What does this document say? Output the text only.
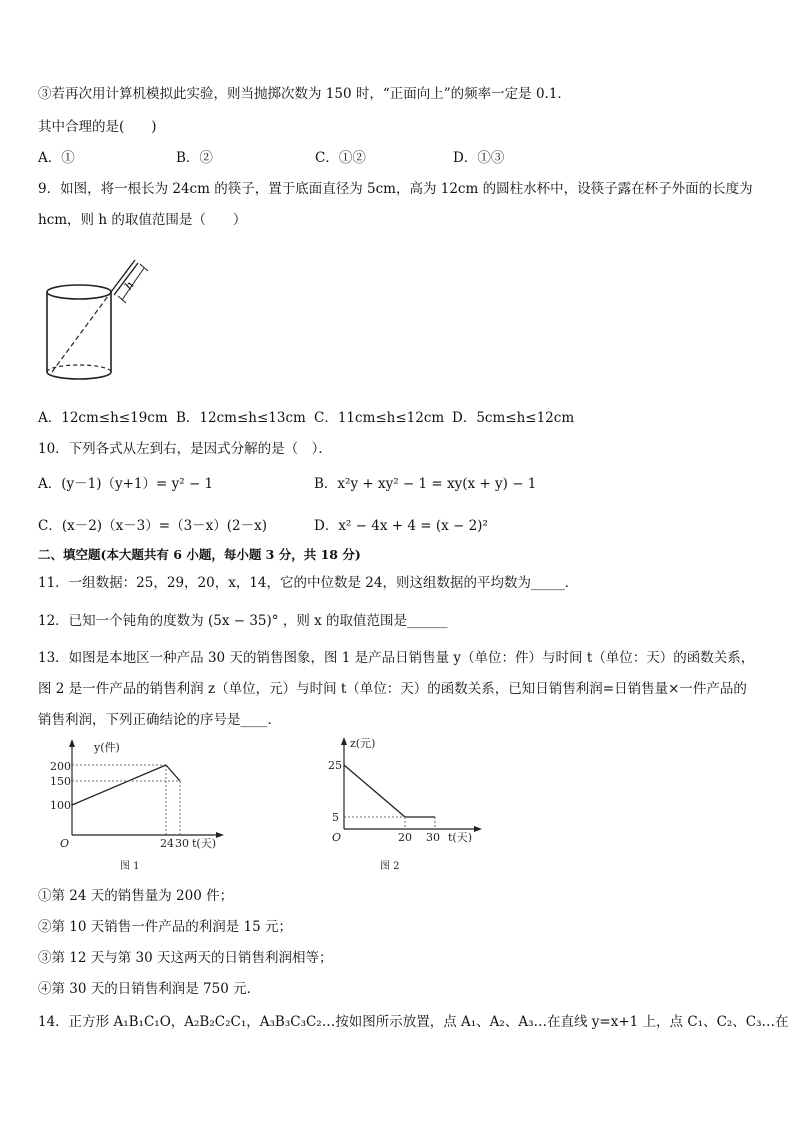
③若再次用计算机模拟此实验，则当抛掷次数为 150 时，“正面向上”的频率一定是 0.1．
其中合理的是(　　)
A．①	B．②	C．①②	D．①③
9．如图，将一根长为 24cm 的筷子，置于底面直径为 5cm，高为 12cm 的圆柱水杯中，设筷子露在杯子外面的长度为
hcm，则 h 的取值范围是（　　）
h
A．12cm≤h≤19cm B．12cm≤h≤13cm C．11cm≤h≤12cm D．5cm≤h≤12cm
10．下列各式从左到右，是因式分解的是（　）．
A．(y－1)（y+1）= y² − 1	B．x²y + xy² − 1 = xy(x + y) − 1
C．(x－2)（x－3）=（3－x）(2－x)	D．x² − 4x + 4 = (x − 2)²
二、填空题(本大题共有 6 小题，每小题 3 分，共 18 分)
11．一组数据：25，29，20，x，14，它的中位数是 24，则这组数据的平均数为_____．
12．已知一个钝角的度数为 (5x − 35)° ，则 x 的取值范围是______
13．如图是本地区一种产品 30 天的销售图象，图 1 是产品日销售量 y（单位：件）与时间 t（单位：天）的函数关系，
图 2 是一件产品的销售利润 z（单位，元）与时间 t（单位：天）的函数关系，已知日销售利润=日销售量×一件产品的
销售利润，下列正确结论的序号是____．
y(件)
O
200
150
100
24 30 t(天)
图 1
z(元)
O
25
5
20 30 t(天)
图 2
①第 24 天的销售量为 200 件；
②第 10 天销售一件产品的利润是 15 元；
③第 12 天与第 30 天这两天的日销售利润相等；
④第 30 天的日销售利润是 750 元．
14．正方形 A₁B₁C₁O，A₂B₂C₂C₁，A₃B₃C₃C₂…按如图所示放置，点 A₁、A₂、A₃…在直线 y=x+1 上，点 C₁、C₂、C₃…在
